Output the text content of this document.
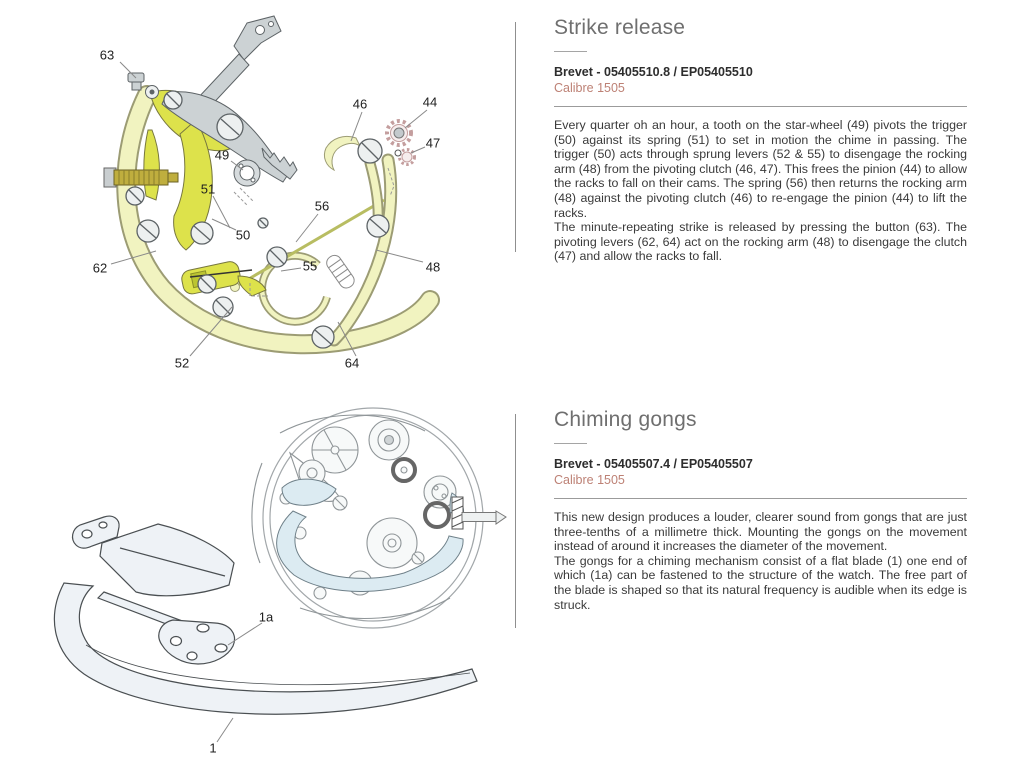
63
46	44
47
49
51
56
50
62	55	48
52	64
1a
1
Strike release
Brevet - 05405510.8 / EP05405510
Calibre 1505

Every quarter oh an hour, a tooth on the star-wheel (49) pivots the trigger (50) against its spring (51) to set in motion the chime in passing. The trigger (50) acts through sprung levers (52 & 55) to disengage the rocking arm (48) from the pivoting clutch (46, 47). This frees the pinion (44) to allow the racks to fall on their cams. The spring (56) then returns the rocking arm (48) against the pivoting clutch (46) to re-engage the pinion (44) to lift the racks.

The minute-repeating strike is released by pressing the button (63). The pivoting levers (62, 64) act on the rocking arm (48) to disengage the clutch (47) and allow the racks to fall.

Chiming gongs
Brevet - 05405507.4 / EP05405507
Calibre 1505

This new design produces a louder, clearer sound from gongs that are just three-tenths of a millimetre thick. Mounting the gongs on the movement instead of around it increases the diameter of the movement.

The gongs for a chiming mechanism consist of a flat blade (1) one end of which (1a) can be fastened to the structure of the watch. The free part of the blade is shaped so that its natural frequency is audible when its edge is struck.
